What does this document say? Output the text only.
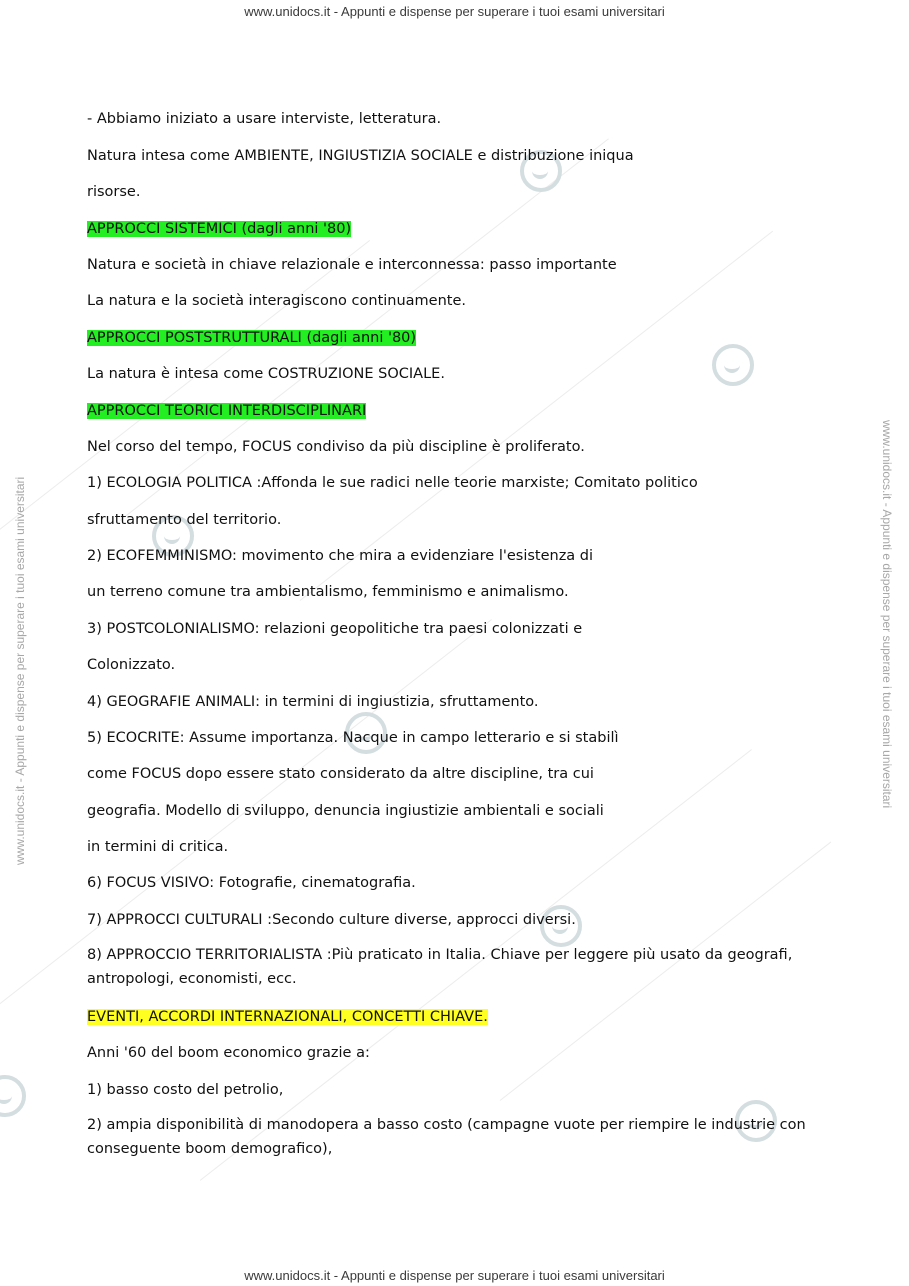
www.unidocs.it - Appunti e dispense per superare i tuoi esami universitari	www.unidocs.it - Appunti e dispense per superare i tuoi esami universitari
www.unidocs.it - Appunti e dispense per superare i tuoi esami universitari
- Abbiamo iniziato a usare interviste, letteratura.
Natura intesa come AMBIENTE, INGIUSTIZIA SOCIALE e distribuzione iniqua
risorse.
APPROCCI SISTEMICI (dagli anni '80)
Natura e società in chiave relazionale e interconnessa: passo importante
La natura e la società interagiscono continuamente.
APPROCCI POSTSTRUTTURALI (dagli anni '80)
La natura è intesa come COSTRUZIONE SOCIALE.
APPROCCI TEORICI INTERDISCIPLINARI
Nel corso del tempo, FOCUS condiviso da più discipline è proliferato.
1) ECOLOGIA POLITICA :Affonda le sue radici nelle teorie marxiste; Comitato politico
sfruttamento del territorio.
2) ECOFEMMINISMO: movimento che mira a evidenziare l'esistenza di
un terreno comune tra ambientalismo, femminismo e animalismo.
3) POSTCOLONIALISMO: relazioni geopolitiche tra paesi colonizzati e
Colonizzato.
4) GEOGRAFIE ANIMALI: in termini di ingiustizia, sfruttamento.
5) ECOCRITE: Assume importanza. Nacque in campo letterario e si stabilì
come FOCUS dopo essere stato considerato da altre discipline, tra cui
geografia. Modello di sviluppo, denuncia ingiustizie ambientali e sociali
in termini di critica.
6) FOCUS VISIVO: Fotografie, cinematografia.
7) APPROCCI CULTURALI :Secondo culture diverse, approcci diversi.
8) APPROCCIO TERRITORIALISTA :Più praticato in Italia. Chiave per leggere più usato da geografi, antropologi, economisti, ecc.
EVENTI, ACCORDI INTERNAZIONALI, CONCETTI CHIAVE.
Anni '60 del boom economico grazie a:
1) basso costo del petrolio,
2) ampia disponibilità di manodopera a basso costo (campagne vuote per riempire le industrie con conseguente boom demografico),
www.unidocs.it - Appunti e dispense per superare i tuoi esami universitari
